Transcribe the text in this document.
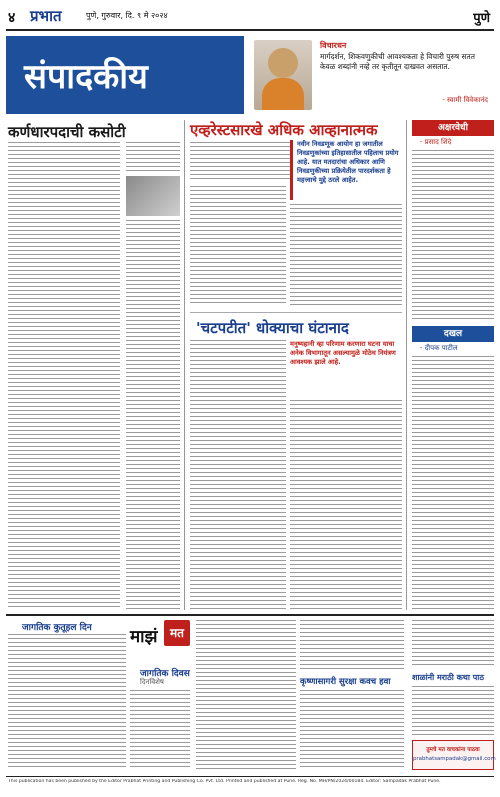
४ प्रभात	पुणे, गुरुवार, दि. ९ मे २०२४	पुणे
संपादकीय
विचारधन
मार्गदर्शन, शिकवणुकीची आवश्यकता हे विचारी पुरुष सतत केवळ शब्दांनी नव्हे तर कृतीतून दाखवत असतात.
- स्वामी विवेकानंद
कर्णधारपदाची कसोटी	एव्हरेस्टसारखे अधिक आव्हानात्मक
नवीन निवडणूक आयोग हा जगातील निवडणुकांच्या इतिहासातील पहिलाच प्रयोग आहे. यात मतदारांचा अधिकार आणि निवडणुकीच्या प्रक्रियेतील पारदर्शकता हे महत्त्वाचे मुद्दे ठरले आहेत.
'चटपटीत' धोक्याचा घंटानाद
मनुष्यहानी व्हा परिणाम करणारा घटना याचा अनेक विभागातून असल्यामुळे मोठेच नियंत्रण आवश्यक झाले आहे.
अक्षरवेधी
- प्रसाद शिंदे
दखल
- दीपक पाटील
जागतिक कुतूहल दिन माझं	मत
जागतिक दिवस
दिनविशेष	कृष्णासागरी सुरक्षा कवच हवा	शाळांनी मराठी कथा पाठ
तुमचे मत वाचकांना पाठवा
prabhatsampadak@gmail.com
This publication has been published by the Editor Prabhat Printing and Publishing Co. Pvt. Ltd. Printed and published at Pune. Reg. No. MH/PN/2024/00184. Editor: Sampadak Prabhat Pune.
